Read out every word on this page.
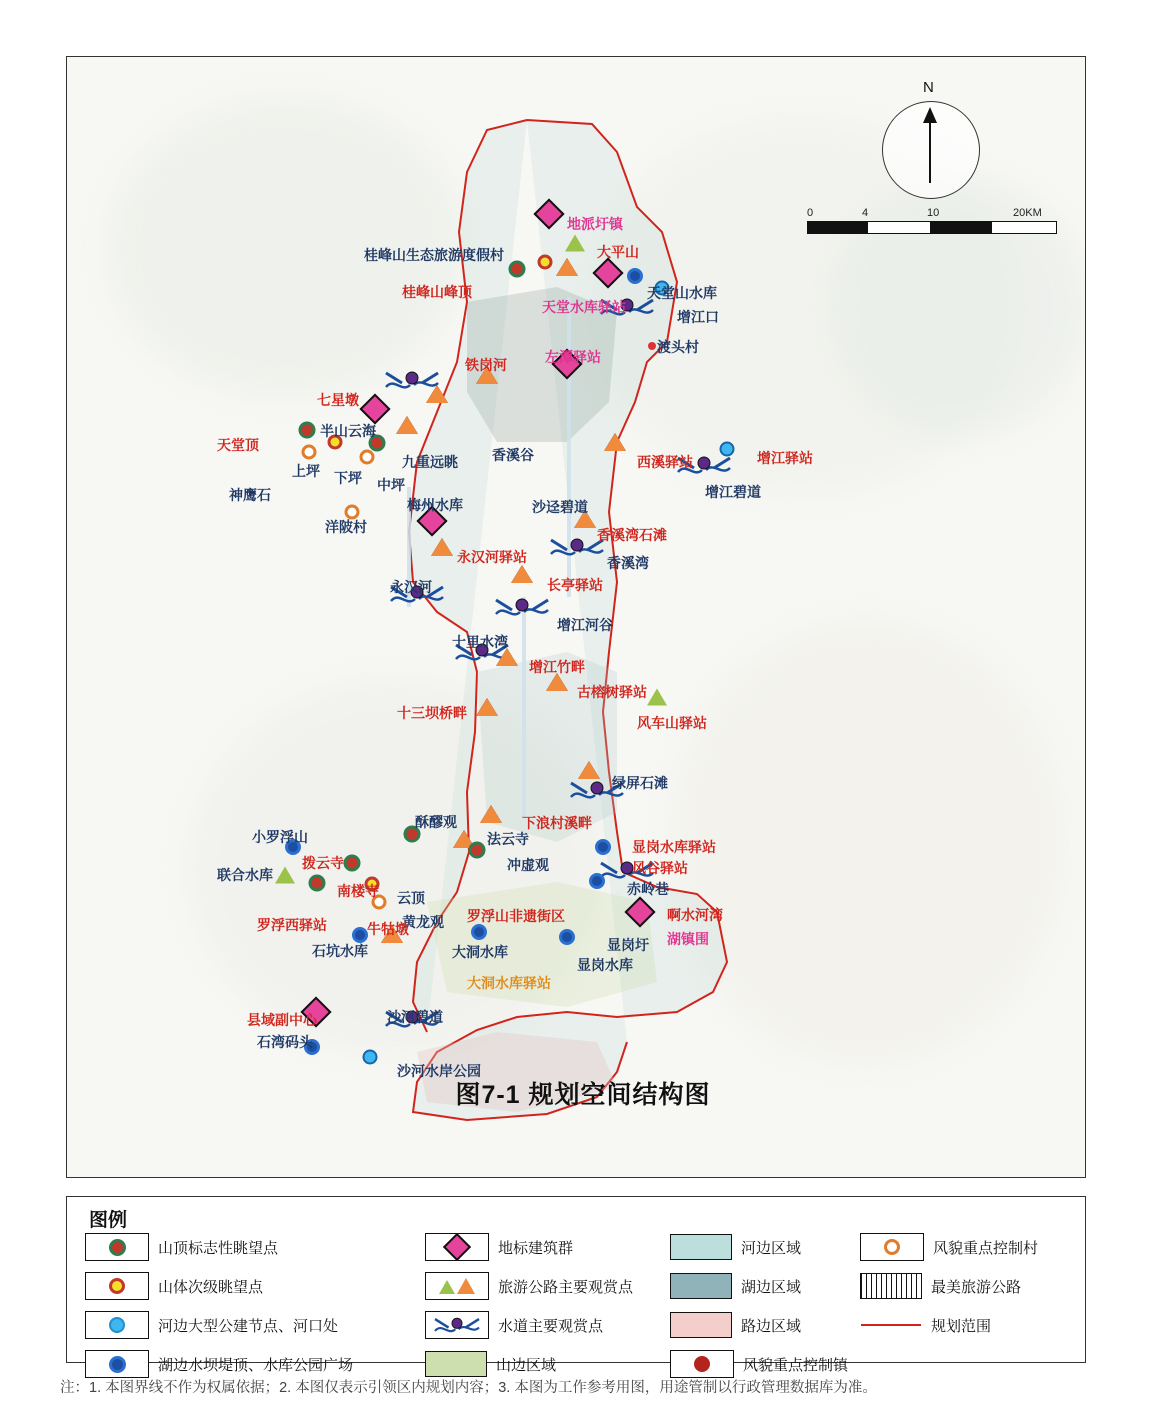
N
0	4	10	20KM
地派圩镇
桂峰山生态旅游度假村	大平山
桂峰山峰顶	天堂山水库
天堂水库驿站
增江口
渡头村
铁岗河	左潭驿站
七星墩
半山云海
天堂顶
九重远眺 香溪谷	西溪驿站	增江驿站
上坪 下坪 中坪
神鹰石	增江碧道
梅州水库	沙迳碧道
洋陂村	香溪湾石滩
永汉河驿站	香溪湾
长亭驿站
永汉河
增江河谷
十里水湾
增江竹畔
古榕树驿站
十三坝桥畔
风车山驿站
绿屏石滩
下浪村溪畔
小罗浮山
酥醪观
法云寺	显岗水库驿站
拨云寺	冲虚观	风谷驿站
联合水库
赤岭巷
南楼寺 云顶
黄龙观 罗浮山非遗街区	啊水河湾
罗浮西驿站	牛牯墩
显岗圩 湖镇围
石坑水库	大洞水库
显岗水库
大洞水库驿站
县域副中心	沙河碧道
石湾码头
沙河水岸公园
图7-1 规划空间结构图
图例
山顶标志性眺望点	地标建筑群	河边区域	风貌重点控制村
山体次级眺望点	旅游公路主要观赏点	湖边区域	最美旅游公路
河边大型公建节点、河口处	水道主要观赏点	路边区域	规划范围
湖边水坝堤顶、水库公园广场	山边区域	风貌重点控制镇
注：1. 本图界线不作为权属依据；2. 本图仅表示引领区内规划内容；3. 本图为工作参考用图，用途管制以行政管理数据库为准。
